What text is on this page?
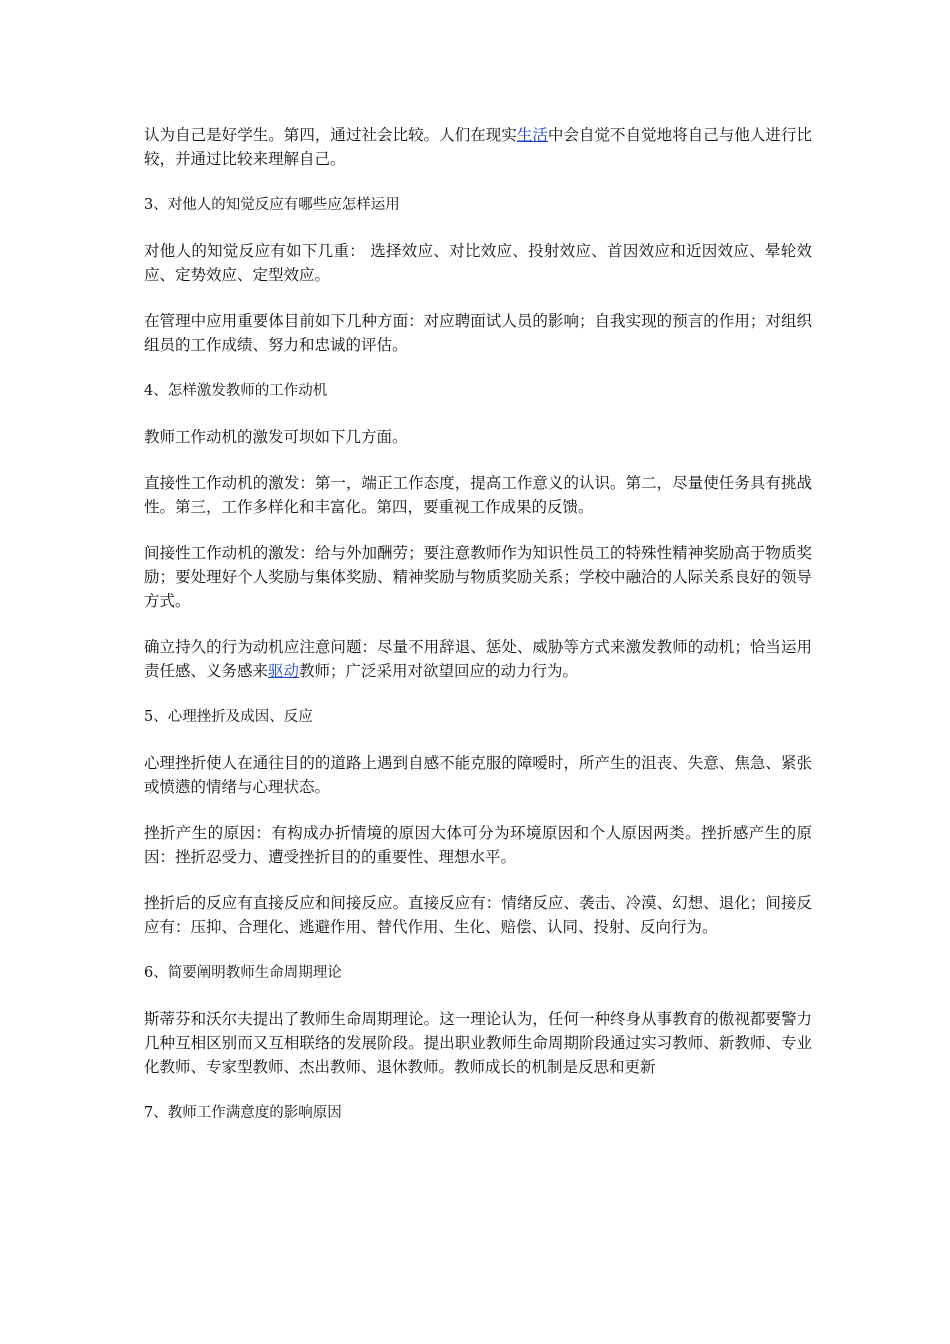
认为自己是好学生。第四，通过社会比较。人们在现实生活中会自觉不自觉地将自己与他人进行比较，并通过比较来理解自己。

3、对他人的知觉反应有哪些应怎样运用

对他人的知觉反应有如下几重： 选择效应、对比效应、投射效应、首因效应和近因效应、晕轮效应、定势效应、定型效应。

在管理中应用重要体目前如下几种方面：对应聘面试人员的影响；自我实现的预言的作用；对组织组员的工作成绩、努力和忠诚的评估。

4、怎样激发教师的工作动机

教师工作动机的激发可坝如下几方面。

直接性工作动机的激发：第一，端正工作态度，提高工作意义的认识。第二，尽量使任务具有挑战性。第三，工作多样化和丰富化。第四，要重视工作成果的反馈。

间接性工作动机的激发：给与外加酬劳；要注意教师作为知识性员工的特殊性精神奖励高于物质奖励；要处理好个人奖励与集体奖励、精神奖励与物质奖励关系；学校中融洽的人际关系良好的领导方式。

确立持久的行为动机应注意问题：尽量不用辞退、惩处、威胁等方式来激发教师的动机；恰当运用责任感、义务感来驱动教师；广泛采用对欲望回应的动力行为。

5、心理挫折及成因、反应

心理挫折使人在通往目的的道路上遇到自感不能克服的障嗳时，所产生的沮丧、失意、焦急、紧张或愤懑的情绪与心理状态。

挫折产生的原因：有构成办折情境的原因大体可分为环境原因和个人原因两类。挫折感产生的原因：挫折忍受力、遭受挫折目的的重要性、理想水平。

挫折后的反应有直接反应和间接反应。直接反应有：情绪反应、袭击、冷漠、幻想、退化；间接反应有：压抑、合理化、逃避作用、替代作用、生化、赔偿、认同、投射、反向行为。

6、简要阐明教师生命周期理论

斯蒂芬和沃尔夫提出了教师生命周期理论。这一理论认为，任何一种终身从事教育的傲视都要警力几种互相区别而又互相联络的发展阶段。提出职业教师生命周期阶段通过实习教师、新教师、专业化教师、专家型教师、杰出教师、退休教师。教师成长的机制是反思和更新

7、教师工作满意度的影响原因
